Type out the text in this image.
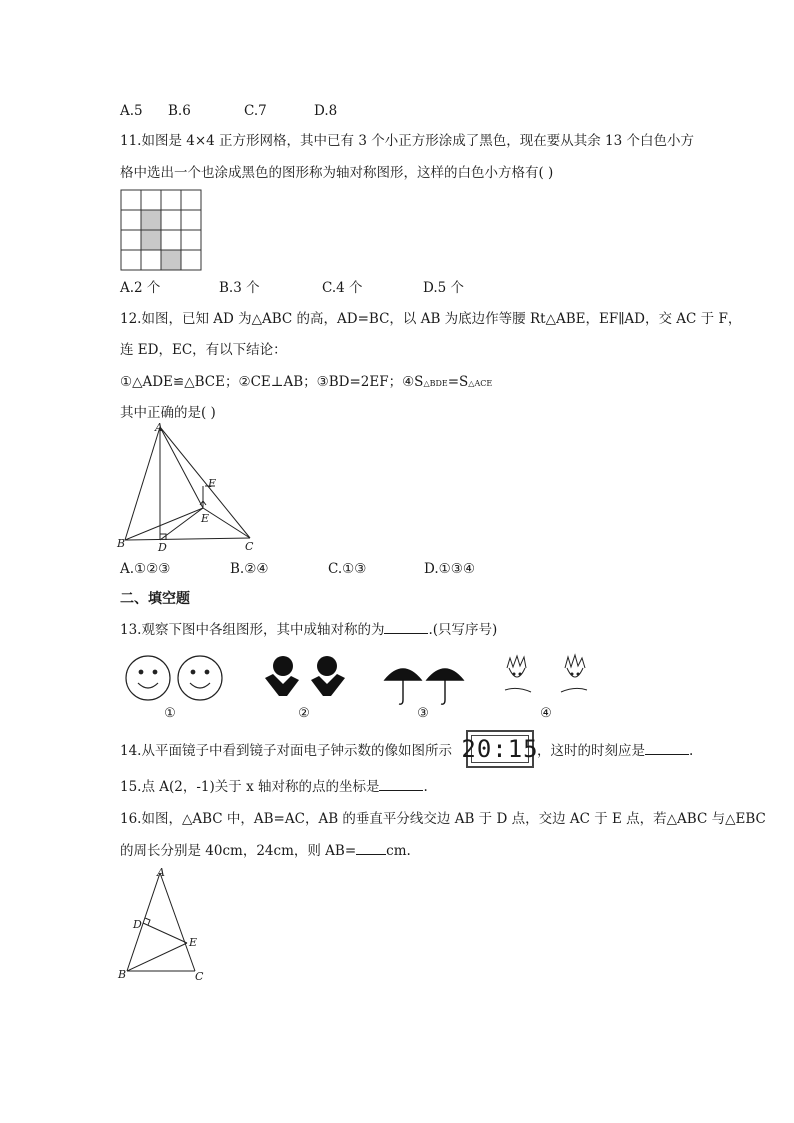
A.5 B.6	C.7	D.8
11.如图是 4×4 正方形网格，其中已有 3 个小正方形涂成了黑色，现在要从其余 13 个白色小方
格中选出一个也涂成黑色的图形称为轴对称图形，这样的白色小方格有( )
A.2 个	B.3 个	C.4 个	D.5 个
12.如图，已知 AD 为△ABC 的高，AD=BC，以 AB 为底边作等腰 Rt△ABE，EF∥AD，交 AC 于 F，
连 ED，EC，有以下结论：
①△ADE≌△BCE；②CE⊥AB；③BD=2EF；④S△BDE=S△ACE
其中正确的是( )
A
B	C
D
E
F
A.①②③	B.②④	C.①③	D.①③④
二、填空题
13.观察下图中各组图形，其中成轴对称的为	.(只写序号)
①	②	③	④
14.从平面镜子中看到镜子对面电子钟示数的像如图所示 20:15
，这时的时刻应是	.
15.点 A(2，-1)关于 x 轴对称的点的坐标是	.
16.如图，△ABC 中，AB=AC，AB 的垂直平分线交边 AB 于 D 点，交边 AC 于 E 点，若△ABC 与△EBC
的周长分别是 40cm，24cm，则 AB= cm.
A
B	C
D
E
